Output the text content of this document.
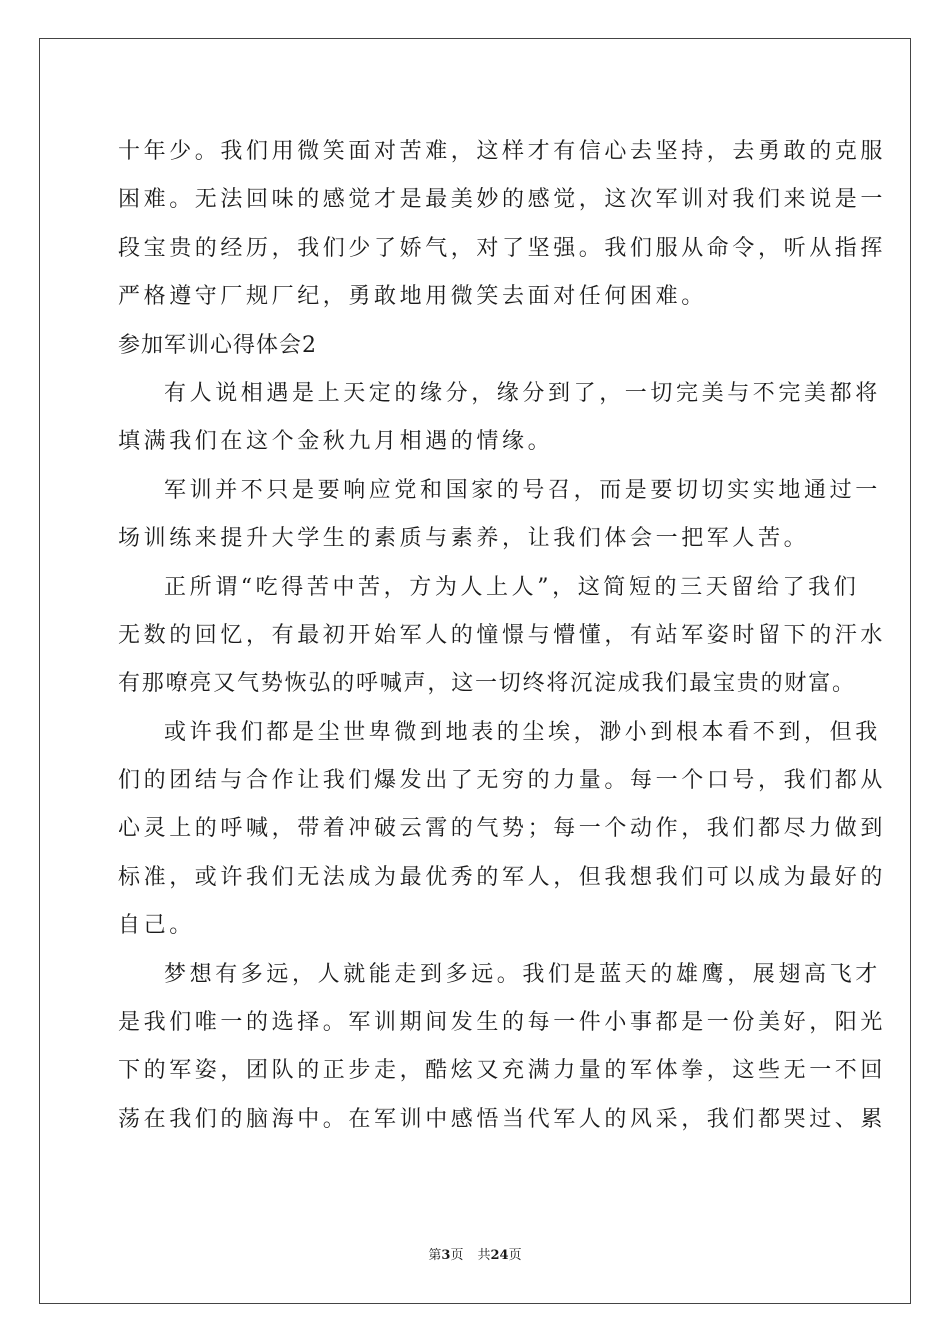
十年少。我们用微笑面对苦难，这样才有信心去坚持，去勇敢的克服
困难。无法回味的感觉才是最美妙的感觉，这次军训对我们来说是一
段宝贵的经历，我们少了娇气，对了坚强。我们服从命令，听从指挥
严格遵守厂规厂纪，勇敢地用微笑去面对任何困难。
参加军训心得体会2
有人说相遇是上天定的缘分，缘分到了，一切完美与不完美都将
填满我们在这个金秋九月相遇的情缘。
军训并不只是要响应党和国家的号召，而是要切切实实地通过一
场训练来提升大学生的素质与素养，让我们体会一把军人苦。
正所谓“吃得苦中苦，方为人上人”，这简短的三天留给了我们
无数的回忆，有最初开始军人的憧憬与懵懂，有站军姿时留下的汗水
有那嘹亮又气势恢弘的呼喊声，这一切终将沉淀成我们最宝贵的财富。
或许我们都是尘世卑微到地表的尘埃，渺小到根本看不到，但我
们的团结与合作让我们爆发出了无穷的力量。每一个口号，我们都从
心灵上的呼喊，带着冲破云霄的气势；每一个动作，我们都尽力做到
标准，或许我们无法成为最优秀的军人，但我想我们可以成为最好的
自己。
梦想有多远，人就能走到多远。我们是蓝天的雄鹰，展翅高飞才
是我们唯一的选择。军训期间发生的每一件小事都是一份美好，阳光
下的军姿，团队的正步走，酷炫又充满力量的军体拳，这些无一不回
荡在我们的脑海中。在军训中感悟当代军人的风采，我们都哭过、累
第3页 共24页
